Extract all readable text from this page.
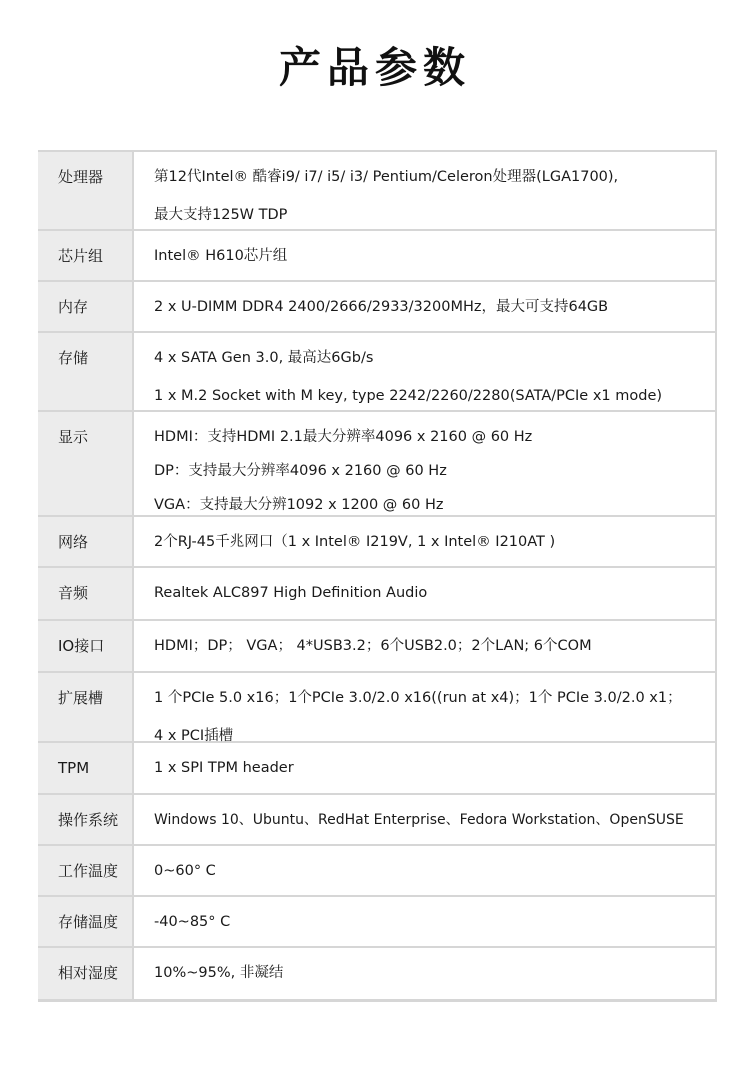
产品参数
处理器	第12代Intel® 酷睿i9/ i7/ i5/ i3/ Pentium/Celeron处理器(LGA1700),
最大支持125W TDP
芯片组	Intel® H610芯片组
内存	2 x U-DIMM DDR4 2400/2666/2933/3200MHz，最大可支持64GB
存储	4 x SATA Gen 3.0, 最高达6Gb/s
1 x M.2 Socket with M key, type 2242/2260/2280(SATA/PCIe x1 mode)
显示	HDMI：支持HDMI 2.1最大分辨率4096 x 2160 @ 60 Hz
DP：支持最大分辨率4096 x 2160 @ 60 Hz
VGA：支持最大分辨1092 x 1200 @ 60 Hz
网络	2个RJ-45千兆网口（1 x Intel® I219V, 1 x Intel® I210AT )
音频	Realtek ALC897 High Definition Audio
IO接口	HDMI；DP； VGA； 4*USB3.2；6个USB2.0；2个LAN; 6个COM
扩展槽	1 个PCIe 5.0 x16；1个PCIe 3.0/2.0 x16((run at x4)；1个 PCIe 3.0/2.0 x1；
4 x PCI插槽
TPM	1 x SPI TPM header
操作系统	Windows 10、Ubuntu、RedHat Enterprise、Fedora Workstation、OpenSUSE
工作温度	0~60° C
存储温度	-40~85° C
相对湿度	10%~95%, 非凝结
